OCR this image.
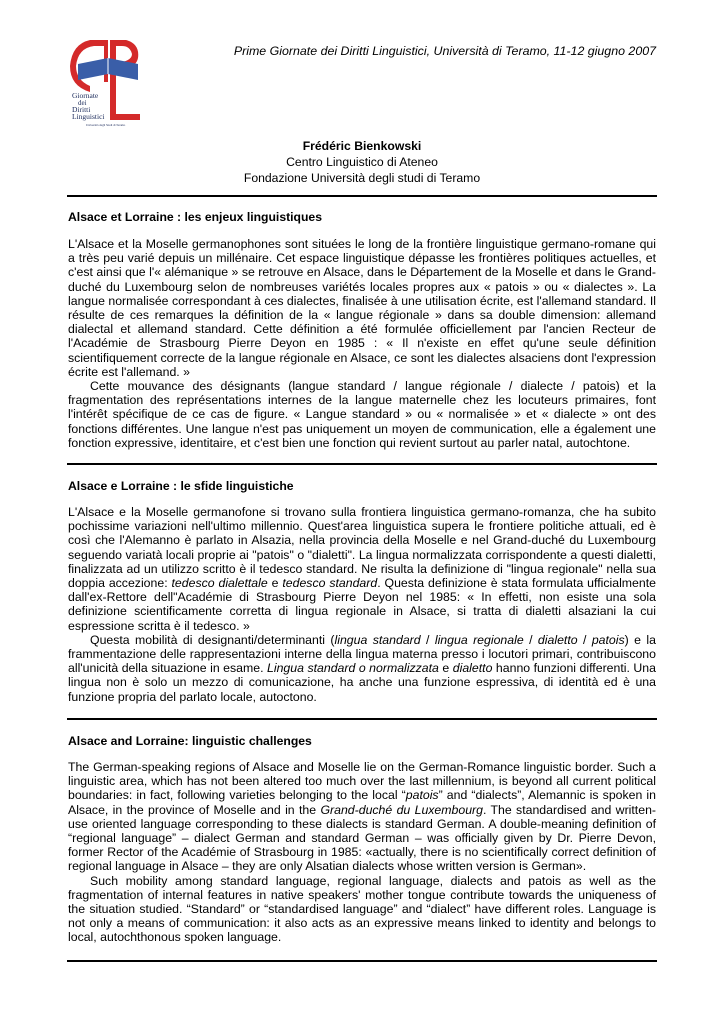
Giornate
dei
Diritti
Linguistici
Università degli Studi di Teramo
Prime Giornate dei Diritti Linguistici, Università di Teramo, 11-12 giugno 2007
Frédéric Bienkowski
Centro Linguistico di Ateneo
Fondazione Università degli studi di Teramo
Alsace et Lorraine : les enjeux linguistiques

L'Alsace et la Moselle germanophones sont situées le long de la frontière linguistique germano-romane qui a très peu varié depuis un millénaire. Cet espace linguistique dépasse les frontières politiques actuelles, et c'est ainsi que l'« alémanique » se retrouve en Alsace, dans le Département de la Moselle et dans le Grand-duché du Luxembourg selon de nombreuses variétés locales propres aux « patois » ou « dialectes ». La langue normalisée correspondant à ces dialectes, finalisée à une utilisation écrite, est l'allemand standard. Il résulte de ces remarques la définition de la « langue régionale » dans sa double dimension: allemand dialectal et allemand standard. Cette définition a été formulée officiellement par l'ancien Recteur de l'Académie de Strasbourg Pierre Deyon en 1985 : « Il n'existe en effet qu'une seule définition scientifiquement correcte de la langue régionale en Alsace, ce sont les dialectes alsaciens dont l'expression écrite est l'allemand. »

Cette mouvance des désignants (langue standard / langue régionale / dialecte / patois) et la fragmentation des représentations internes de la langue maternelle chez les locuteurs primaires, font l'intérêt spécifique de ce cas de figure. « Langue standard » ou « normalisée » et « dialecte » ont des fonctions différentes. Une langue n'est pas uniquement un moyen de communication, elle a également une fonction expressive, identitaire, et c'est bien une fonction qui revient surtout au parler natal, autochtone.

Alsace e Lorraine : le sfide linguistiche

L'Alsace e la Moselle germanofone si trovano sulla frontiera linguistica germano-romanza, che ha subito pochissime variazioni nell'ultimo millennio. Quest'area linguistica supera le frontiere politiche attuali, ed è così che l'Alemanno è parlato in Alsazia, nella provincia della Moselle e nel Grand-duché du Luxembourg seguendo variatà locali proprie ai "patois" o "dialetti". La lingua normalizzata corrispondente a questi dialetti, finalizzata ad un utilizzo scritto è il tedesco standard. Ne risulta la definizione di "lingua regionale" nella sua doppia accezione: tedesco dialettale e tedesco standard. Questa definizione è stata formulata ufficialmente dall'ex-Rettore dell"Académie di Strasbourg Pierre Deyon nel 1985: « In effetti, non esiste una sola definizione scientificamente corretta di lingua regionale in Alsace, si tratta di dialetti alsaziani la cui espressione scritta è il tedesco. »

Questa mobilità di designanti/determinanti (lingua standard / lingua regionale / dialetto / patois) e la frammentazione delle rappresentazioni interne della lingua materna presso i locutori primari, contribuiscono all'unicità della situazione in esame. Lingua standard o normalizzata e dialetto hanno funzioni differenti. Una lingua non è solo un mezzo di comunicazione, ha anche una funzione espressiva, di identità ed è una funzione propria del parlato locale, autoctono.

Alsace and Lorraine: linguistic challenges

The German-speaking regions of Alsace and Moselle lie on the German-Romance linguistic border. Such a linguistic area, which has not been altered too much over the last millennium, is beyond all current political boundaries: in fact, following varieties belonging to the local “patois” and “dialects”, Alemannic is spoken in Alsace, in the province of Moselle and in the Grand-duché du Luxembourg. The standardised and written-use oriented language corresponding to these dialects is standard German. A double-meaning definition of “regional language” – dialect German and standard German – was officially given by Dr. Pierre Devon, former Rector of the Académie of Strasbourg in 1985: «actually, there is no scientifically correct definition of regional language in Alsace – they are only Alsatian dialects whose written version is German».

Such mobility among standard language, regional language, dialects and patois as well as the fragmentation of internal features in native speakers' mother tongue contribute towards the uniqueness of the situation studied. “Standard” or “standardised language” and “dialect” have different roles. Language is not only a means of communication: it also acts as an expressive means linked to identity and belongs to local, autochthonous spoken language.
